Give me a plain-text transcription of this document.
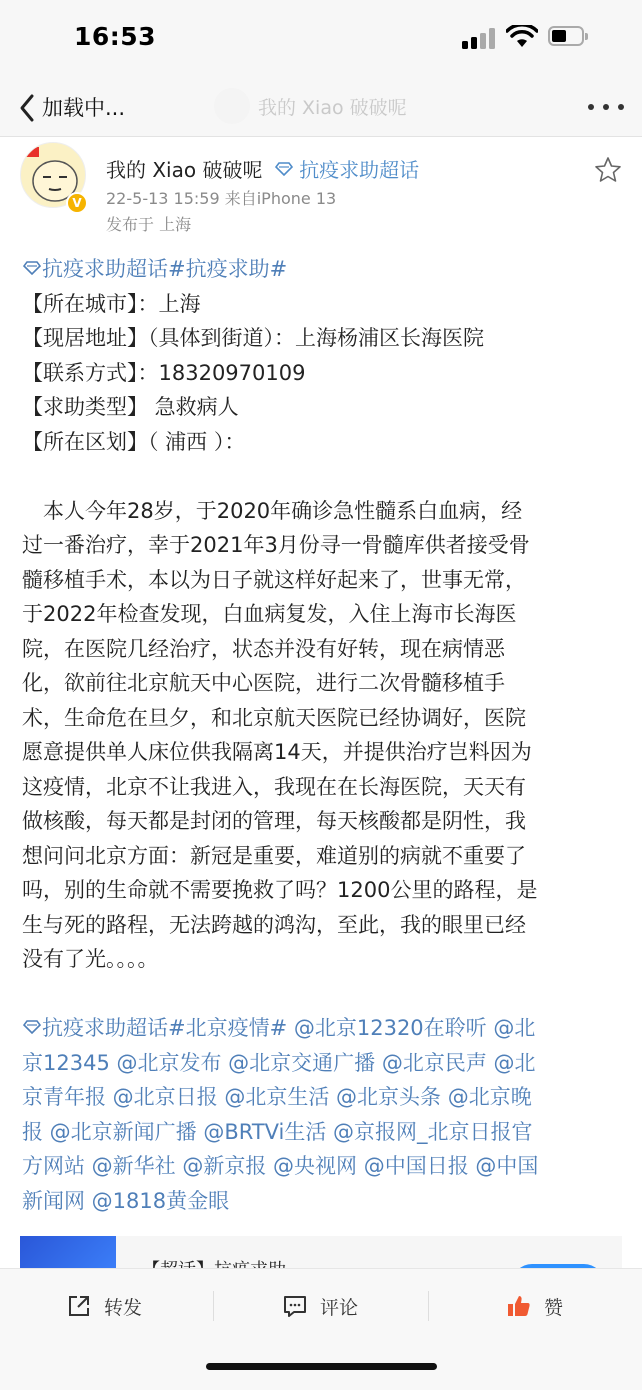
16:53
加载中...	我的 Xiao 破破呢
V
我的 Xiao 破破呢 抗疫求助超话
22-5-13 15:59 来自iPhone 13
发布于 上海
抗疫求助超话#抗疫求助#
【所在城市】：上海
【现居地址】（具体到街道）：上海杨浦区长海医院
【联系方式】：18320970109
【求助类型】 急救病人
【所在区划】（ 浦西 ）：
本人今年28岁，于2020年确诊急性髓系白血病，经
过一番治疗，幸于2021年3月份寻一骨髓库供者接受骨
髓移植手术，本以为日子就这样好起来了，世事无常，
于2022年检查发现，白血病复发，入住上海市长海医
院，在医院几经治疗，状态并没有好转，现在病情恶
化，欲前往北京航天中心医院，进行二次骨髓移植手
术，生命危在旦夕，和北京航天医院已经协调好，医院
愿意提供单人床位供我隔离14天，并提供治疗岂料因为
这疫情，北京不让我进入，我现在在长海医院，天天有
做核酸，每天都是封闭的管理，每天核酸都是阴性，我
想问问北京方面：新冠是重要，难道别的病就不重要了
吗，别的生命就不需要挽救了吗？1200公里的路程，是
生与死的路程，无法跨越的鸿沟，至此，我的眼里已经
没有了光。。。。
抗疫求助超话#北京疫情# @北京12320在聆听 @北
京12345 @北京发布 @北京交通广播 @北京民声 @北
京青年报 @北京日报 @北京生活 @北京头条 @北京晚
报 @北京新闻广播 @BRTVi生活 @京报网_北京日报官
方网站 @新华社 @新京报 @央视网 @中国日报 @中国
新闻网 @1818黄金眼
转发	评论	赞
